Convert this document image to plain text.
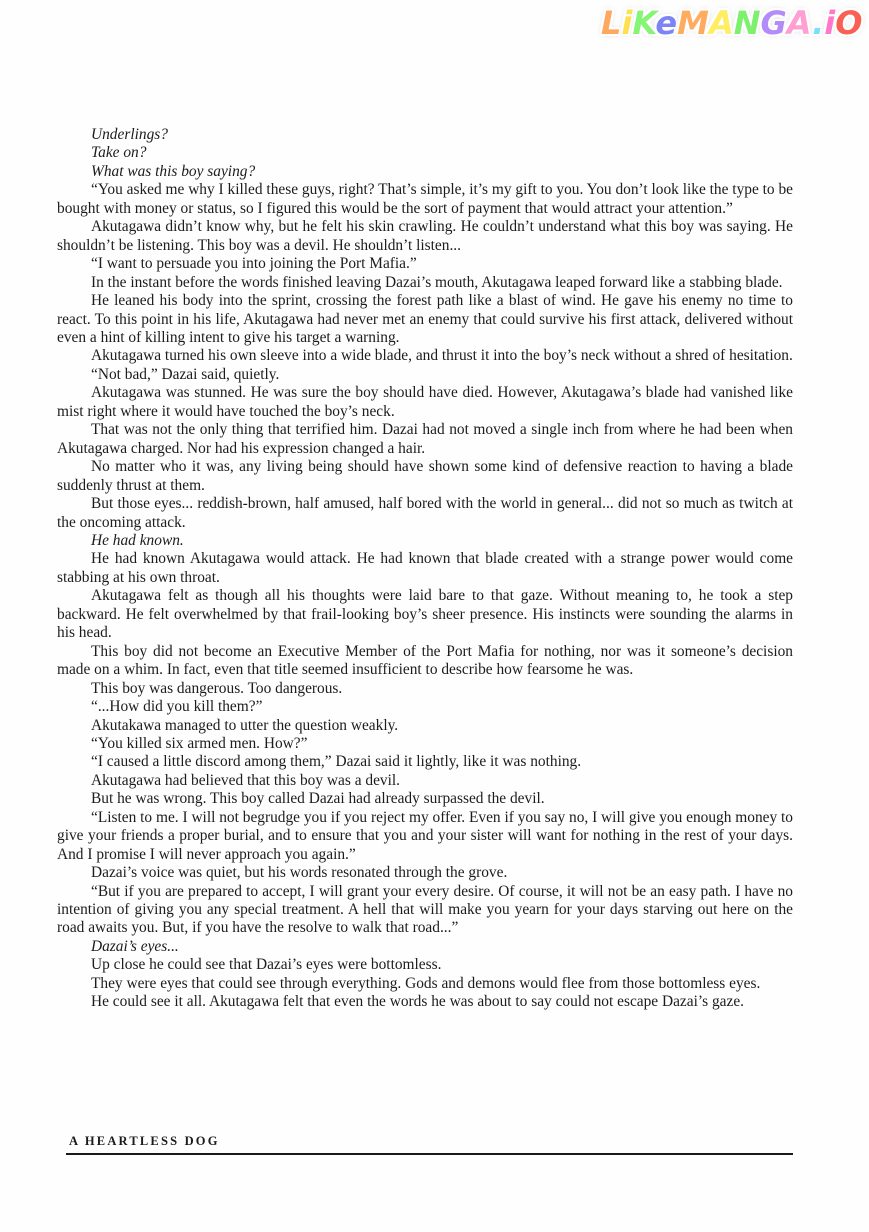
LiKeMANGA.iO

Underlings?

Take on?

What was this boy saying?

“You asked me why I killed these guys, right? That’s simple, it’s my gift to you. You don’t look like the type to be bought with money or status, so I figured this would be the sort of payment that would attract your attention.”

Akutagawa didn’t know why, but he felt his skin crawling. He couldn’t understand what this boy was saying. He shouldn’t be listening. This boy was a devil. He shouldn’t listen...

“I want to persuade you into joining the Port Mafia.”

In the instant before the words finished leaving Dazai’s mouth, Akutagawa leaped forward like a stabbing blade.

He leaned his body into the sprint, crossing the forest path like a blast of wind. He gave his enemy no time to react. To this point in his life, Akutagawa had never met an enemy that could survive his first attack, delivered without even a hint of killing intent to give his target a warning.

Akutagawa turned his own sleeve into a wide blade, and thrust it into the boy’s neck without a shred of hesitation.

“Not bad,” Dazai said, quietly.

Akutagawa was stunned. He was sure the boy should have died. However, Akutagawa’s blade had vanished like mist right where it would have touched the boy’s neck.

That was not the only thing that terrified him. Dazai had not moved a single inch from where he had been when Akutagawa charged. Nor had his expression changed a hair.

No matter who it was, any living being should have shown some kind of defensive reaction to having a blade suddenly thrust at them.

But those eyes... reddish-brown, half amused, half bored with the world in general... did not so much as twitch at the oncoming attack.

He had known.

He had known Akutagawa would attack. He had known that blade created with a strange power would come stabbing at his own throat.

Akutagawa felt as though all his thoughts were laid bare to that gaze. Without meaning to, he took a step backward. He felt overwhelmed by that frail-looking boy’s sheer presence. His instincts were sounding the alarms in his head.

This boy did not become an Executive Member of the Port Mafia for nothing, nor was it someone’s decision made on a whim. In fact, even that title seemed insufficient to describe how fearsome he was.

This boy was dangerous. Too dangerous.

“...How did you kill them?”

Akutakawa managed to utter the question weakly.

“You killed six armed men. How?”

“I caused a little discord among them,” Dazai said it lightly, like it was nothing.

Akutagawa had believed that this boy was a devil.

But he was wrong. This boy called Dazai had already surpassed the devil.

“Listen to me. I will not begrudge you if you reject my offer. Even if you say no, I will give you enough money to give your friends a proper burial, and to ensure that you and your sister will want for nothing in the rest of your days. And I promise I will never approach you again.”

Dazai’s voice was quiet, but his words resonated through the grove.

“But if you are prepared to accept, I will grant your every desire. Of course, it will not be an easy path. I have no intention of giving you any special treatment. A hell that will make you yearn for your days starving out here on the road awaits you. But, if you have the resolve to walk that road...”

Dazai’s eyes...

Up close he could see that Dazai’s eyes were bottomless.

They were eyes that could see through everything. Gods and demons would flee from those bottomless eyes.

He could see it all. Akutagawa felt that even the words he was about to say could not escape Dazai’s gaze.

A HEARTLESS DOG
